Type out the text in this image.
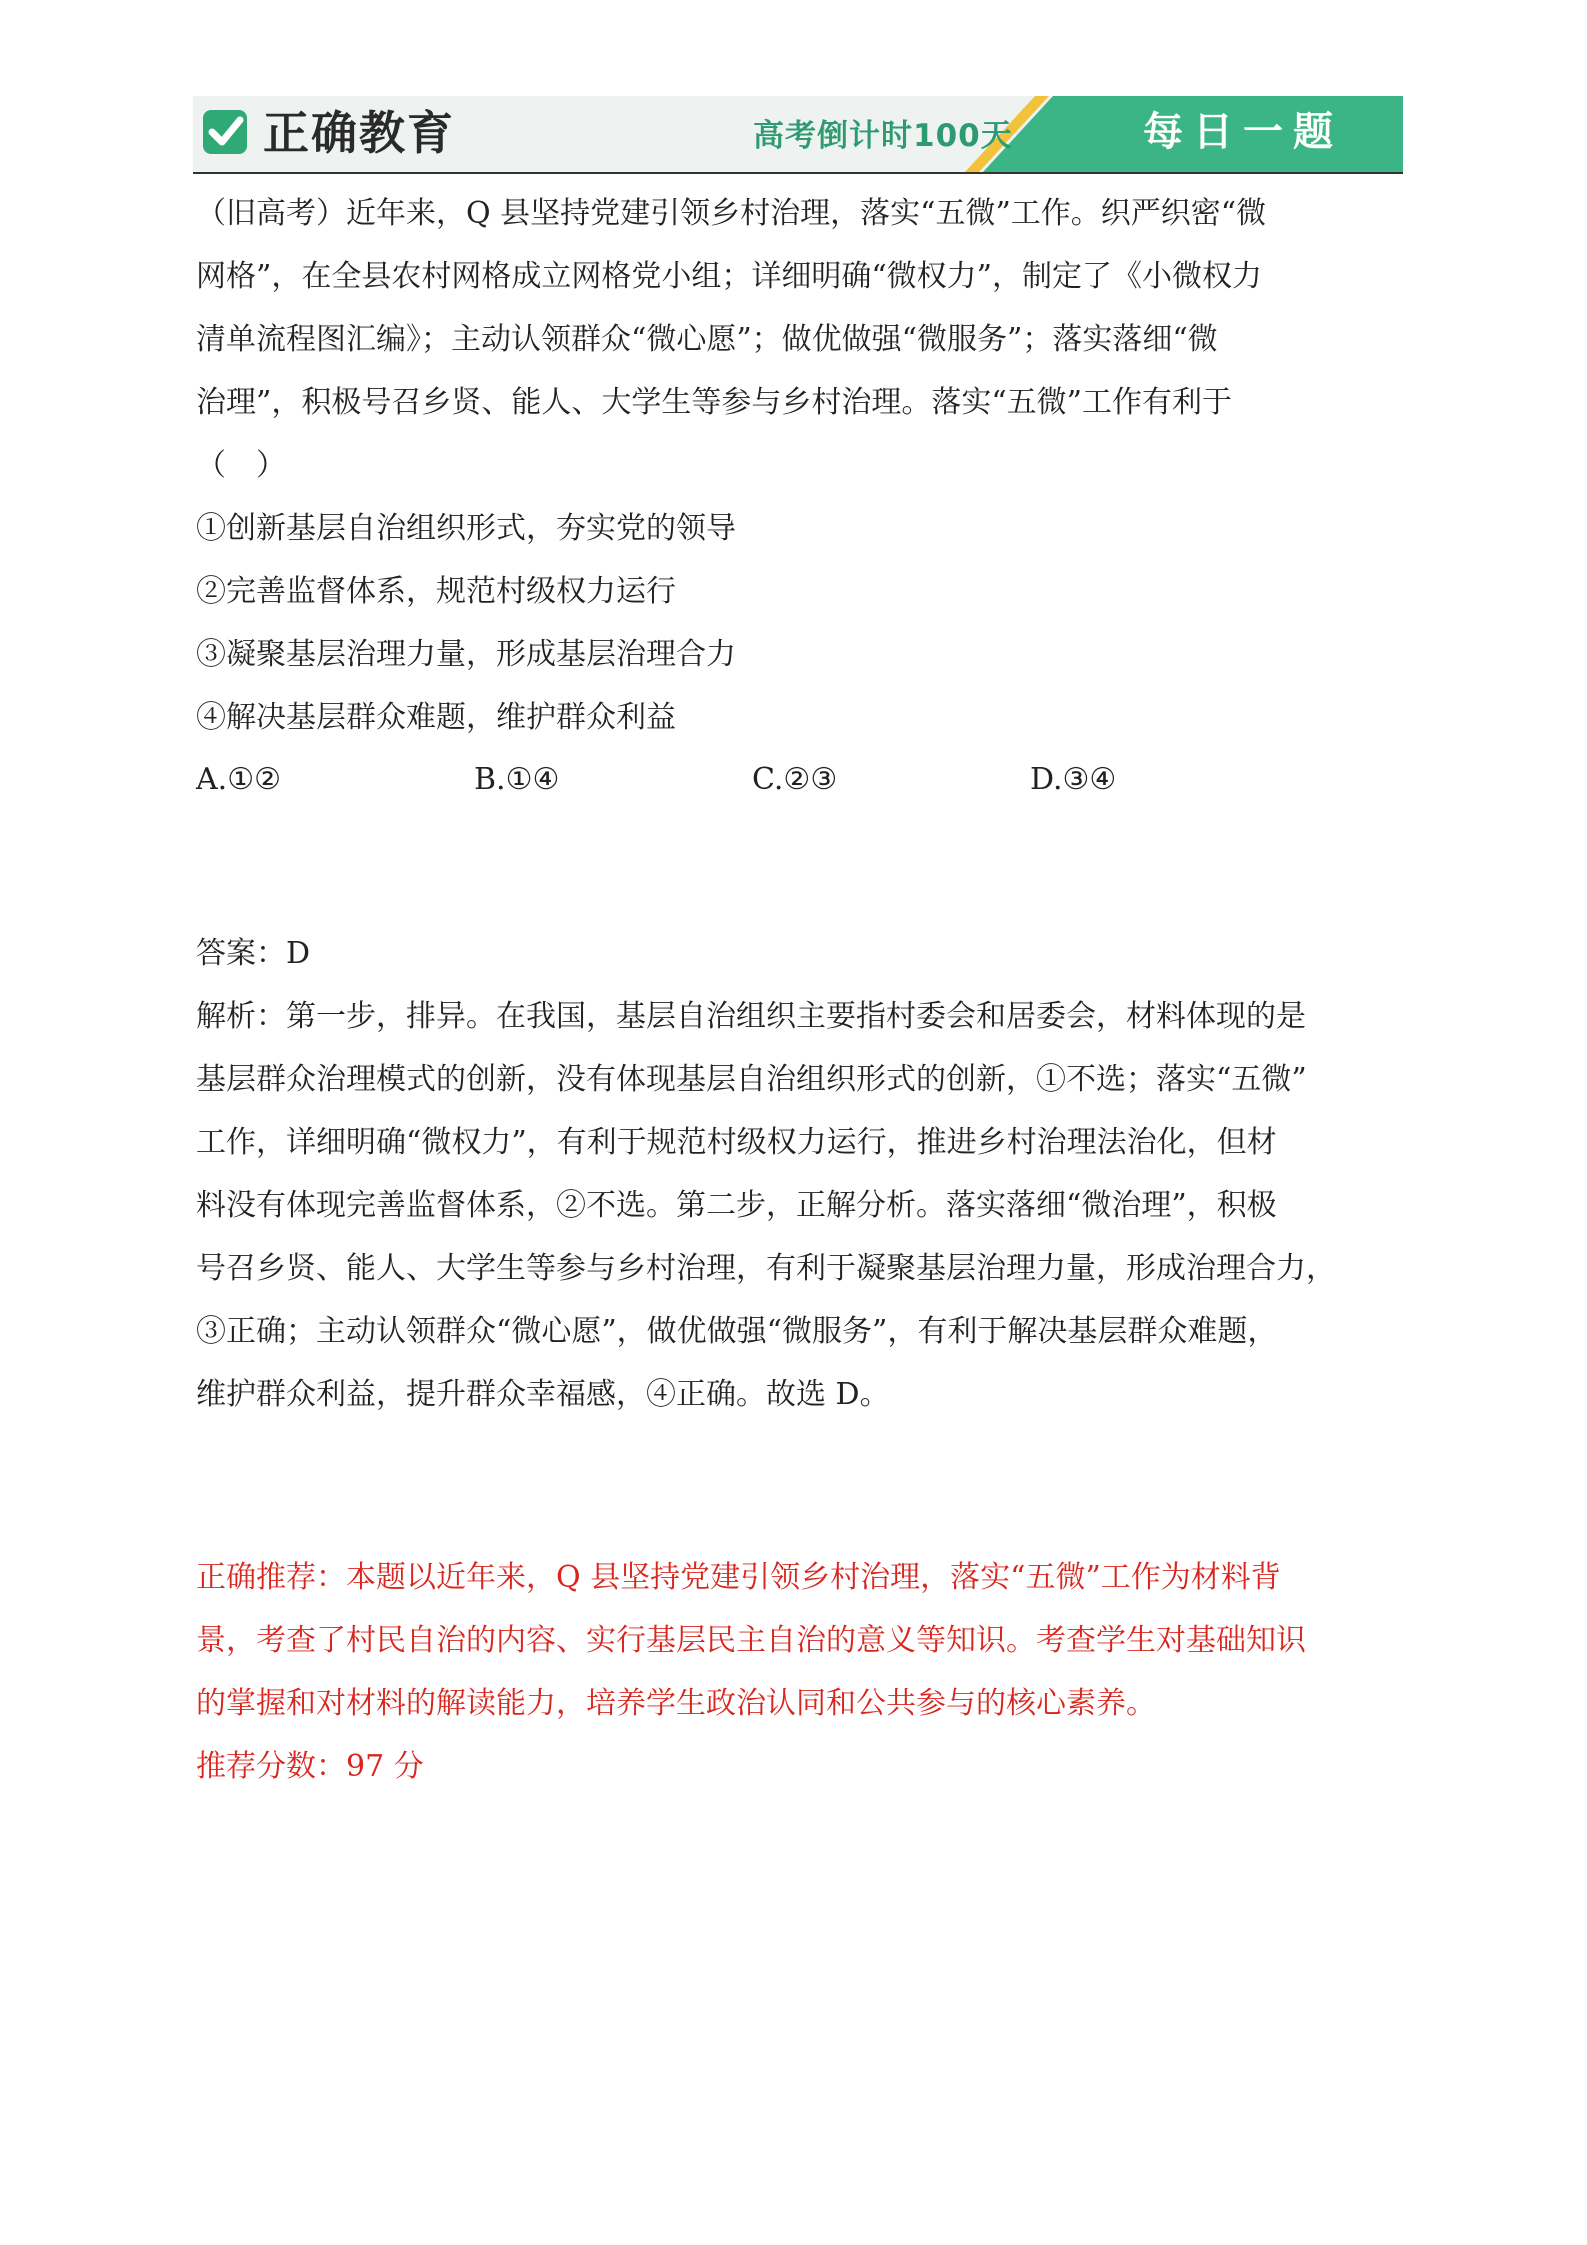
正确教育	高考倒计时100天	每日一题
（旧高考）近年来，Q 县坚持党建引领乡村治理，落实“五微”工作。织严织密“微
网格”，在全县农村网格成立网格党小组；详细明确“微权力”，制定了《小微权力
清单流程图汇编》；主动认领群众“微心愿”；做优做强“微服务”；落实落细“微
治理”，积极号召乡贤、能人、大学生等参与乡村治理。落实“五微”工作有利于
（　）
①创新基层自治组织形式，夯实党的领导
②完善监督体系，规范村级权力运行
③凝聚基层治理力量，形成基层治理合力
④解决基层群众难题，维护群众利益
A.①②	B.①④	C.②③	D.③④
答案：D
解析：第一步，排异。在我国，基层自治组织主要指村委会和居委会，材料体现的是
基层群众治理模式的创新，没有体现基层自治组织形式的创新，①不选；落实“五微”
工作，详细明确“微权力”，有利于规范村级权力运行，推进乡村治理法治化，但材
料没有体现完善监督体系，②不选。第二步，正解分析。落实落细“微治理”，积极
号召乡贤、能人、大学生等参与乡村治理，有利于凝聚基层治理力量，形成治理合力，
③正确；主动认领群众“微心愿”，做优做强“微服务”，有利于解决基层群众难题，
维护群众利益，提升群众幸福感，④正确。故选 D。
正确推荐：本题以近年来，Q 县坚持党建引领乡村治理，落实“五微”工作为材料背
景，考查了村民自治的内容、实行基层民主自治的意义等知识。考查学生对基础知识
的掌握和对材料的解读能力，培养学生政治认同和公共参与的核心素养。
推荐分数：97 分
